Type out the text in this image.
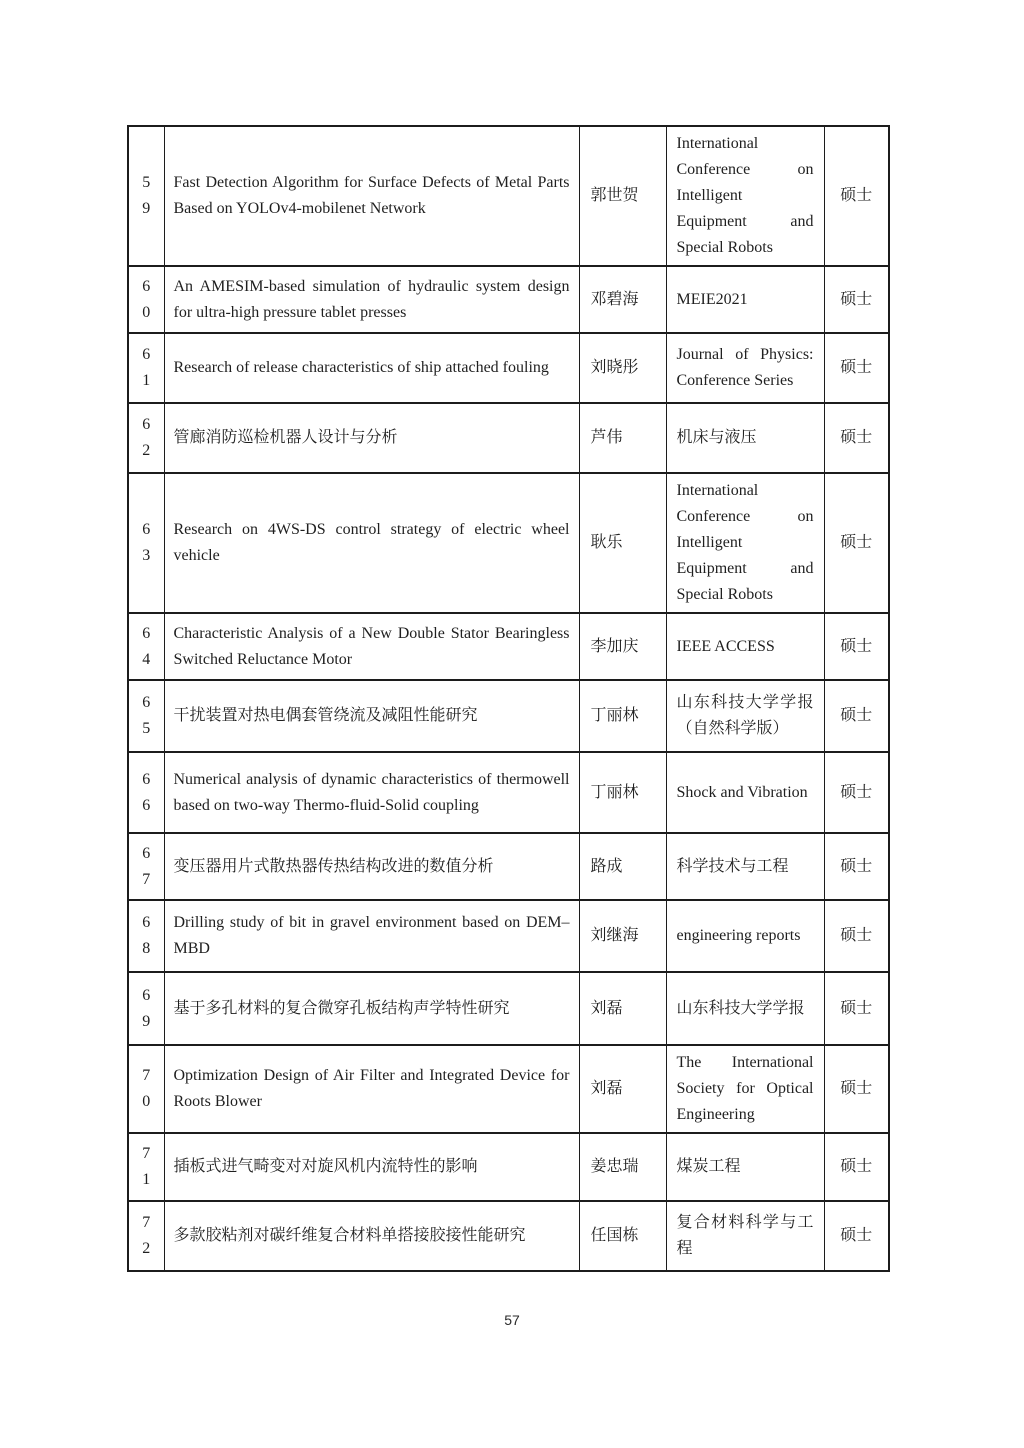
59	Fast Detection Algorithm for Surface Defects of Metal Parts Based on YOLOv4-mobilenet Network	郭世贺	International Conference on Intelligent Equipment and Special Robots	硕士
60	An AMESIM-based simulation of hydraulic system design for ultra-high pressure tablet presses	邓碧海	MEIE2021	硕士
61	Research of release characteristics of ship attached fouling	刘晓彤	Journal of Physics: Conference Series	硕士
62	管廊消防巡检机器人设计与分析	芦伟	机床与液压	硕士
63	Research on 4WS-DS control strategy of electric wheel vehicle	耿乐	International Conference on Intelligent Equipment and Special Robots	硕士
64	Characteristic Analysis of a New Double Stator Bearingless Switched Reluctance Motor	李加庆	IEEE ACCESS	硕士
65	干扰装置对热电偶套管绕流及减阻性能研究	丁丽林	山东科技大学学报（自然科学版）	硕士
66	Numerical analysis of dynamic characteristics of thermowell based on two-way Thermo-fluid-Solid coupling	丁丽林	Shock and Vibration	硕士
67	变压器用片式散热器传热结构改进的数值分析	路成	科学技术与工程	硕士
68	Drilling study of bit in gravel environment based on DEM–MBD	刘继海	engineering reports	硕士
69	基于多孔材料的复合微穿孔板结构声学特性研究	刘磊	山东科技大学学报	硕士
70	Optimization Design of Air Filter and Integrated Device for Roots Blower	刘磊	The International Society for Optical Engineering	硕士
71	插板式进气畸变对对旋风机内流特性的影响	姜忠瑞	煤炭工程	硕士
72	多款胶粘剂对碳纤维复合材料单搭接胶接性能研究	任国栋	复合材料科学与工程	硕士
57
